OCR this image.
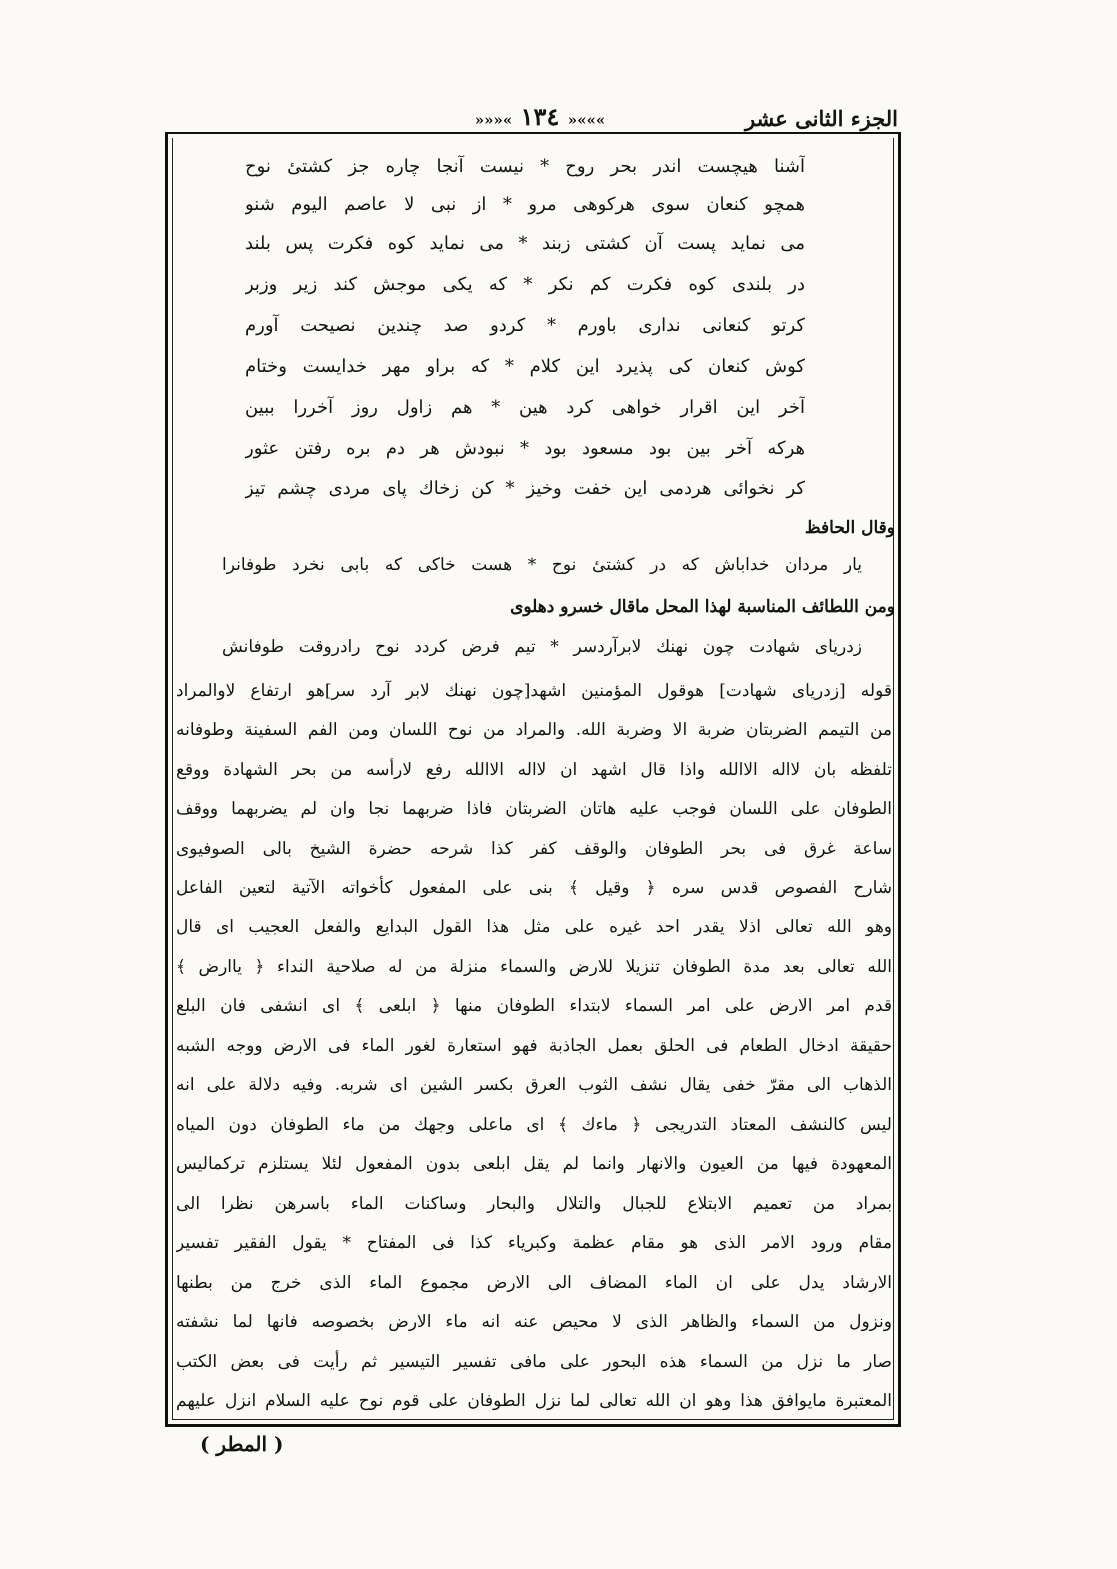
الجزء الثانى عشر
»»»« ١٣٤ »«««
آشنا هيچست اندر بحر روح * نيست آنجا چاره جز كشتىٔ نوح
همچو كنعان سوى هركوهى مرو * از نبى لا عاصم اليوم شنو
مى نمايد پست آن كشتى زبند * مى نمايد كوه فكرت پس بلند
در بلندى كوه فكرت كم نكر * كه يكى موجش كند زير وزبر
كرتو كنعانى ندارى باورم * كردو صد چندين نصيحت آورم
كوش كنعان كى پذيرد اين كلام * كه براو مهر خدايست وختام
آخر اين اقرار خواهى كرد هين * هم زاول روز آخررا ببين
هركه آخر بين بود مسعود بود * نبودش هر دم بره رفتن عثور
كر نخوائى هردمى اين خفت وخيز * كن زخاك پاى مردى چشم تيز
وقال الحافظ
يار مردان خداباش كه در كشتىٔ نوح * هست خاكى كه بابى نخرد طوفانرا
ومن اللطائف المناسبة لهذا المحل ماقال خسرو دهلوى
زدرياى شهادت چون نهنك لابرآردسر * تيم فرض كردد نوح رادروقت طوفانش
قوله [زدرياى شهادت] هوقول المؤمنين اشهد[چون نهنك لابر آرد سر]هو ارتفاع لاوالمراد
من التيمم الضربتان ضربة الا وضربة الله. والمراد من نوح اللسان ومن الفم السفينة وطوفانه
تلفظه بان لااله الاالله واذا قال اشهد ان لااله الاالله رفع لارأسه من بحر الشهادة ووقع
الطوفان على اللسان فوجب عليه هاتان الضربتان فاذا ضربهما نجا وان لم يضربهما ووقف
ساعة غرق فى بحر الطوفان والوقف كفر كذا شرحه حضرة الشيخ بالى الصوفيوى
شارح الفصوص قدس سره ﴿ وقيل ﴾ بنى على المفعول كأخواته الآتية لتعين الفاعل
وهو الله تعالى اذلا يقدر احد غيره على مثل هذا القول البدايع والفعل العجيب اى قال
الله تعالى بعد مدة الطوفان تنزيلا للارض والسماء منزلة من له صلاحية النداء ﴿ ياارض ﴾
قدم امر الارض على امر السماء لابتداء الطوفان منها ﴿ ابلعى ﴾ اى انشفى فان البلع
حقيقة ادخال الطعام فى الحلق بعمل الجاذبة فهو استعارة لغور الماء فى الارض ووجه الشبه
الذهاب الى مقرّ خفى يقال نشف الثوب العرق بكسر الشين اى شربه. وفيه دلالة على انه
ليس كالنشف المعتاد التدريجى ﴿ ماءك ﴾ اى ماعلى وجهك من ماء الطوفان دون المياه
المعهودة فيها من العيون والانهار وانما لم يقل ابلعى بدون المفعول لئلا يستلزم تركماليس
بمراد من تعميم الابتلاع للجبال والتلال والبحار وساكنات الماء باسرهن نظرا الى
مقام ورود الامر الذى هو مقام عظمة وكبرياء كذا فى المفتاح * يقول الفقير تفسير
الارشاد يدل على ان الماء المضاف الى الارض مجموع الماء الذى خرج من بطنها
ونزول من السماء والظاهر الذى لا محيص عنه انه ماء الارض بخصوصه فانها لما نشفته
صار ما نزل من السماء هذه البحور على مافى تفسير التيسير ثم رأيت فى بعض الكتب
المعتبرة مايوافق هذا وهو ان الله تعالى لما نزل الطوفان على قوم نوح عليه السلام انزل عليهم
( المطر )
